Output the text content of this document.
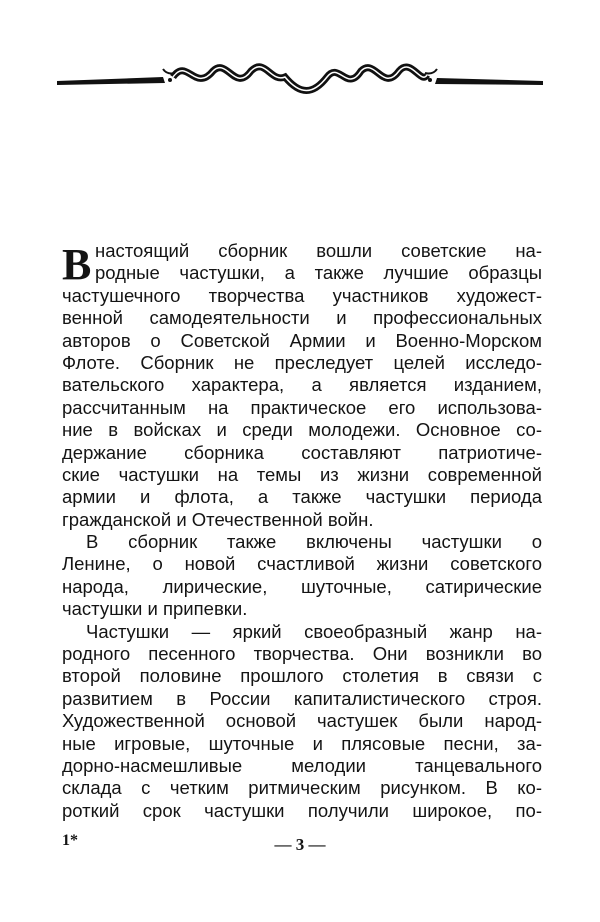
В настоящий сборник вошли советские на-
родные частушки, а также лучшие образцы
частушечного творчества участников художест-
венной самодеятельности и профессиональных
авторов о Советской Армии и Военно-Морском
Флоте. Сборник не преследует целей исследо-
вательского характера, а является изданием,
рассчитанным на практическое его использова-
ние в войсках и среди молодежи. Основное со-
держание сборника составляют патриотиче-
ские частушки на темы из жизни современной
армии и флота, а также частушки периода
гражданской и Отечественной войн.
В сборник также включены частушки о
Ленине, о новой счастливой жизни советского
народа, лирические, шуточные, сатирические
частушки и припевки.
Частушки — яркий своеобразный жанр на-
родного песенного творчества. Они возникли во
второй половине прошлого столетия в связи с
развитием в России капиталистического строя.
Художественной основой частушек были народ-
ные игровые, шуточные и плясовые песни, за-
дорно-насмешливые мелодии танцевального
склада с четким ритмическим рисунком. В ко-
роткий срок частушки получили широкое, по-
1*	— 3 —
